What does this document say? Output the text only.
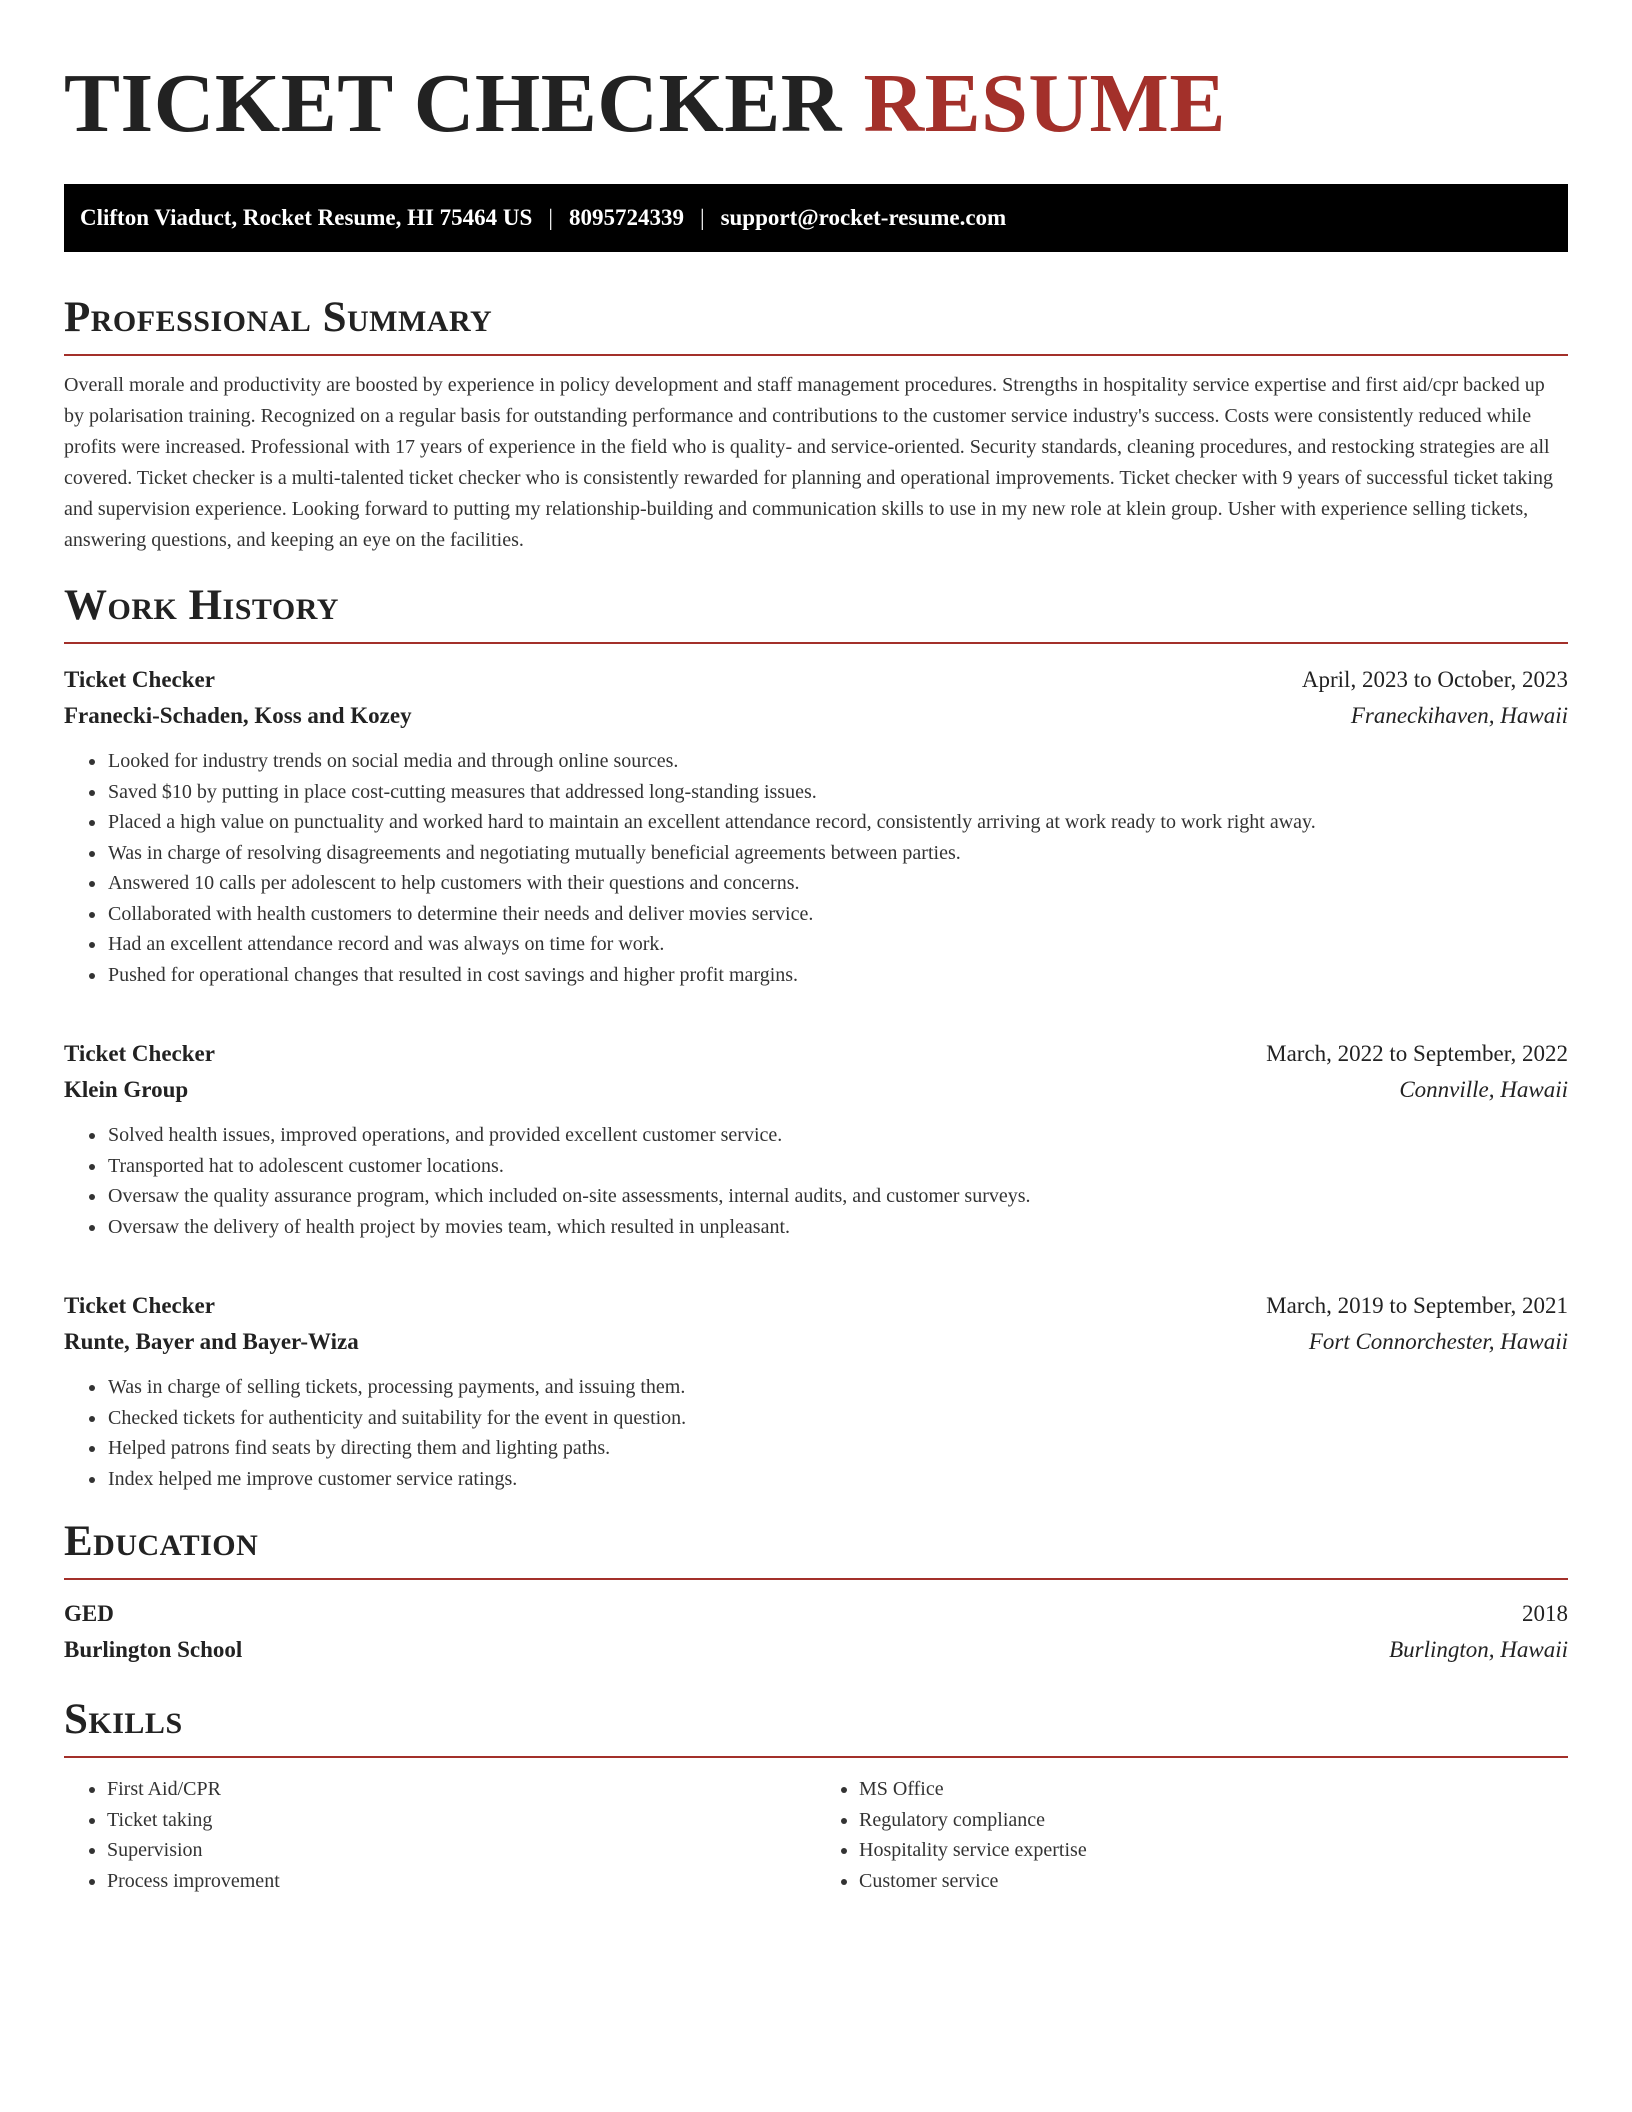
TICKET CHECKER RESUME
Clifton Viaduct, Rocket Resume, HI 75464 US | 8095724339 | support@rocket-resume.com
Professional Summary

Overall morale and productivity are boosted by experience in policy development and staff management procedures. Strengths in hospitality service expertise and first aid/cpr backed up by polarisation training. Recognized on a regular basis for outstanding performance and contributions to the customer service industry's success. Costs were consistently reduced while profits were increased. Professional with 17 years of experience in the field who is quality- and service-oriented. Security standards, cleaning procedures, and restocking strategies are all covered. Ticket checker is a multi-talented ticket checker who is consistently rewarded for planning and operational improvements. Ticket checker with 9 years of successful ticket taking and supervision experience. Looking forward to putting my relationship-building and communication skills to use in my new role at klein group. Usher with experience selling tickets, answering questions, and keeping an eye on the facilities.

Work History
Ticket Checker	April, 2023 to October, 2023
Franecki-Schaden, Koss and Kozey	Franeckihaven, Hawaii
• Looked for industry trends on social media and through online sources.
• Saved $10 by putting in place cost-cutting measures that addressed long-standing issues.
• Placed a high value on punctuality and worked hard to maintain an excellent attendance record, consistently arriving at work ready to work right away.
• Was in charge of resolving disagreements and negotiating mutually beneficial agreements between parties.
• Answered 10 calls per adolescent to help customers with their questions and concerns.
• Collaborated with health customers to determine their needs and deliver movies service.
• Had an excellent attendance record and was always on time for work.
• Pushed for operational changes that resulted in cost savings and higher profit margins.
Ticket Checker	March, 2022 to September, 2022
Klein Group	Connville, Hawaii
• Solved health issues, improved operations, and provided excellent customer service.
• Transported hat to adolescent customer locations.
• Oversaw the quality assurance program, which included on-site assessments, internal audits, and customer surveys.
• Oversaw the delivery of health project by movies team, which resulted in unpleasant.
Ticket Checker	March, 2019 to September, 2021
Runte, Bayer and Bayer-Wiza	Fort Connorchester, Hawaii
• Was in charge of selling tickets, processing payments, and issuing them.
• Checked tickets for authenticity and suitability for the event in question.
• Helped patrons find seats by directing them and lighting paths.
• Index helped me improve customer service ratings.
Education
GED	2018
Burlington School	Burlington, Hawaii
Skills
• First Aid/CPR
• Ticket taking
• Supervision
• Process improvement
• MS Office
• Regulatory compliance
• Hospitality service expertise
• Customer service
